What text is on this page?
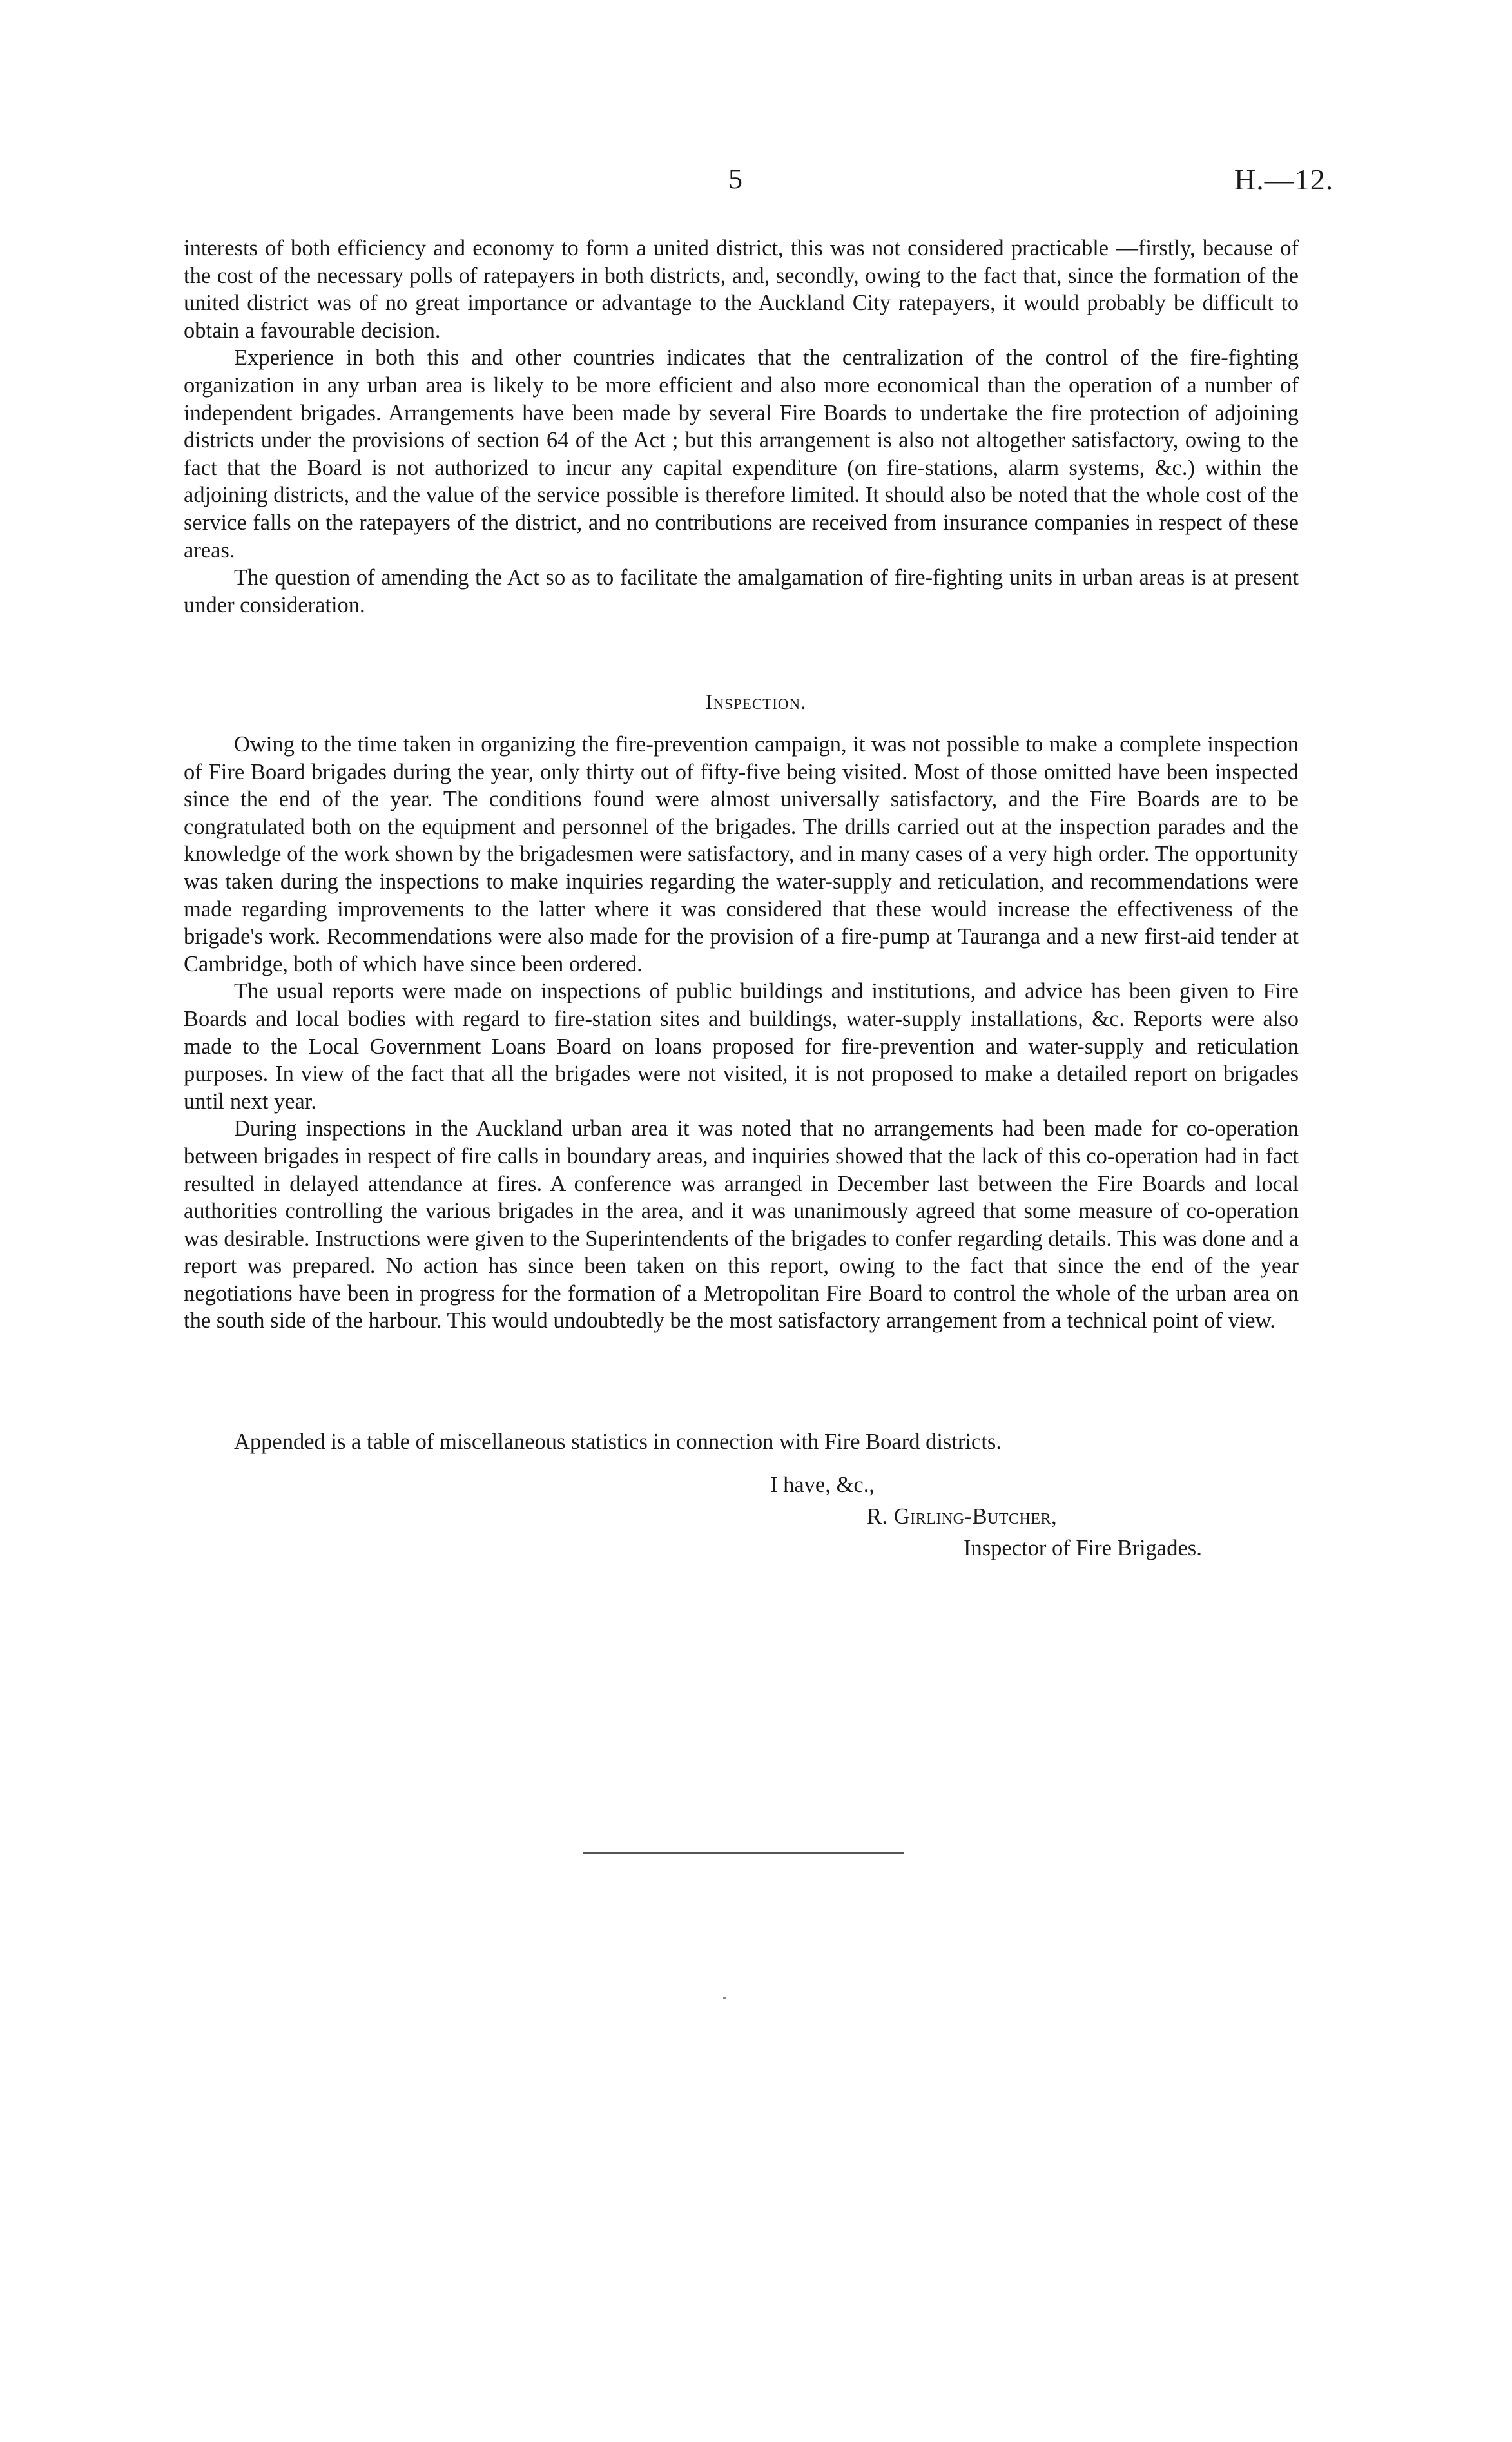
5	H.—12.

interests of both efficiency and economy to form a united district, this was not considered practicable —firstly, because of the cost of the necessary polls of ratepayers in both districts, and, secondly, owing to the fact that, since the formation of the united district was of no great importance or advantage to the Auckland City ratepayers, it would probably be difficult to obtain a favourable decision.

Experience in both this and other countries indicates that the centralization of the control of the fire-fighting organization in any urban area is likely to be more efficient and also more economical than the operation of a number of independent brigades. Arrangements have been made by several Fire Boards to undertake the fire protection of adjoining districts under the provisions of section 64 of the Act ; but this arrangement is also not altogether satisfactory, owing to the fact that the Board is not authorized to incur any capital expenditure (on fire-stations, alarm systems, &c.) within the adjoining districts, and the value of the service possible is therefore limited. It should also be noted that the whole cost of the service falls on the ratepayers of the district, and no contributions are received from insurance companies in respect of these areas.

The question of amending the Act so as to facilitate the amalgamation of fire-fighting units in urban areas is at present under consideration.

Inspection.

Owing to the time taken in organizing the fire-prevention campaign, it was not possible to make a complete inspection of Fire Board brigades during the year, only thirty out of fifty-five being visited. Most of those omitted have been inspected since the end of the year. The conditions found were almost universally satisfactory, and the Fire Boards are to be congratulated both on the equipment and personnel of the brigades. The drills carried out at the inspection parades and the knowledge of the work shown by the brigadesmen were satisfactory, and in many cases of a very high order. The opportunity was taken during the inspections to make inquiries regarding the water-supply and reticulation, and recommendations were made regarding improvements to the latter where it was considered that these would increase the effectiveness of the brigade's work. Recommendations were also made for the provision of a fire-pump at Tauranga and a new first-aid tender at Cambridge, both of which have since been ordered.

The usual reports were made on inspections of public buildings and institutions, and advice has been given to Fire Boards and local bodies with regard to fire-station sites and buildings, water-supply installations, &c. Reports were also made to the Local Government Loans Board on loans proposed for fire-prevention and water-supply and reticulation purposes. In view of the fact that all the brigades were not visited, it is not proposed to make a detailed report on brigades until next year.

During inspections in the Auckland urban area it was noted that no arrangements had been made for co-operation between brigades in respect of fire calls in boundary areas, and inquiries showed that the lack of this co-operation had in fact resulted in delayed attendance at fires. A conference was arranged in December last between the Fire Boards and local authorities controlling the various brigades in the area, and it was unanimously agreed that some measure of co-operation was desirable. Instructions were given to the Superintendents of the brigades to confer regarding details. This was done and a report was prepared. No action has since been taken on this report, owing to the fact that since the end of the year negotiations have been in progress for the formation of a Metropolitan Fire Board to control the whole of the urban area on the south side of the harbour. This would undoubtedly be the most satisfactory arrangement from a technical point of view.

Appended is a table of miscellaneous statistics in connection with Fire Board districts.
I have, &c.,
R. Girling-Butcher,
Inspector of Fire Brigades.
